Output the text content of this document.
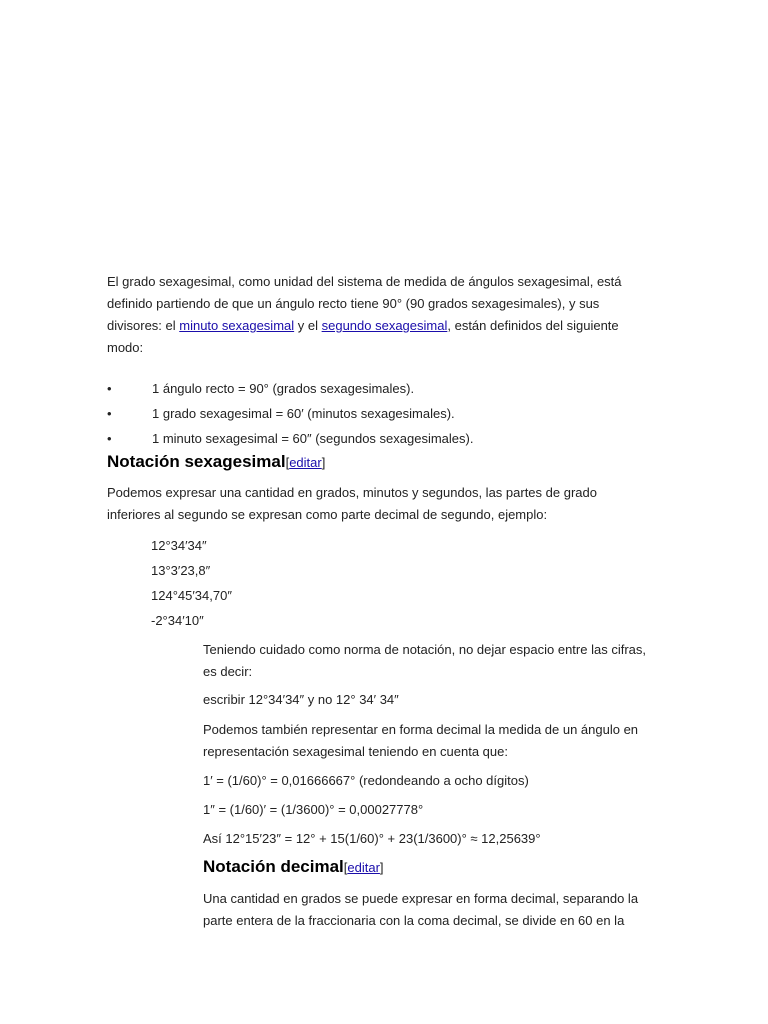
El grado sexagesimal, como unidad del sistema de medida de ángulos sexagesimal, está definido partiendo de que un ángulo recto tiene 90° (90 grados sexagesimales), y sus divisores: el minuto sexagesimal y el segundo sexagesimal, están definidos del siguiente modo:

•	1 ángulo recto = 90° (grados sexagesimales).
•	1 grado sexagesimal = 60′ (minutos sexagesimales).
•	1 minuto sexagesimal = 60″ (segundos sexagesimales).
Notación sexagesimal[editar]

Podemos expresar una cantidad en grados, minutos y segundos, las partes de grado inferiores al segundo se expresan como parte decimal de segundo, ejemplo:

12°34′34″
13°3′23,8″
124°45′34,70″
-2°34′10″

Teniendo cuidado como norma de notación, no dejar espacio entre las cifras, es decir:

escribir 12°34′34″ y no 12° 34′ 34″

Podemos también representar en forma decimal la medida de un ángulo en representación sexagesimal teniendo en cuenta que:

1′ = (1/60)° = 0,01666667° (redondeando a ocho dígitos)

1″ = (1/60)′ = (1/3600)° = 0,00027778°

Así 12°15′23″ = 12° + 15(1/60)° + 23(1/3600)° ≈ 12,25639°

Notación decimal[editar]

Una cantidad en grados se puede expresar en forma decimal, separando la parte entera de la fraccionaria con la coma decimal, se divide en 60 en la
